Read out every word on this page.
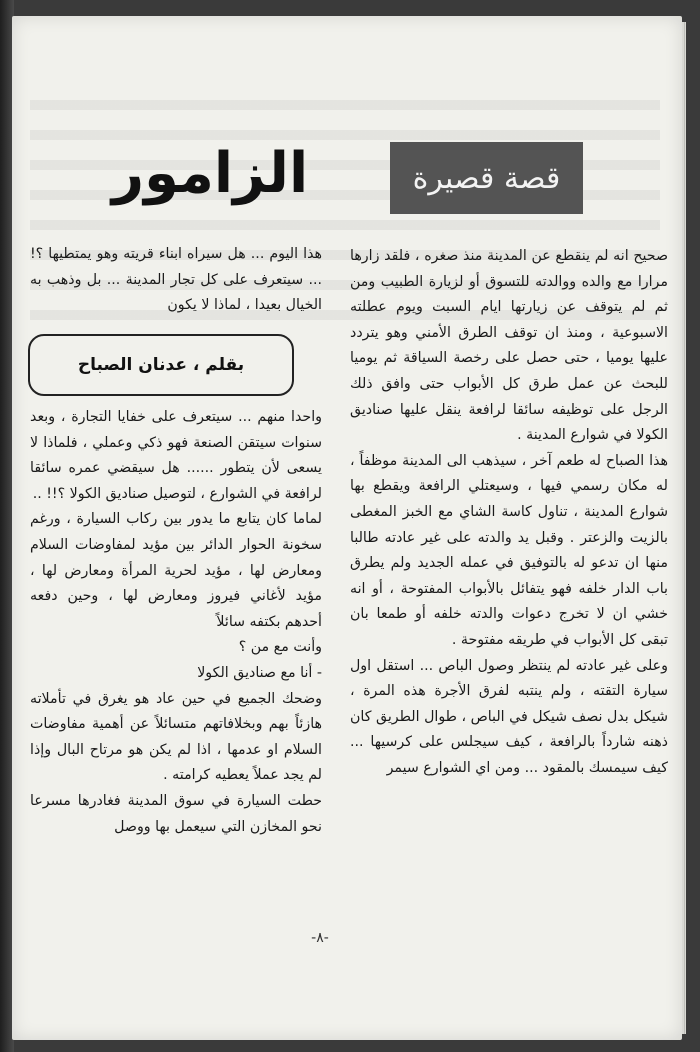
قصة قصيرة
الزامور

صحيح انه لم ينقطع عن المدينة منذ صغره ، فلقد زارها مرارا مع والده ووالدته للتسوق أو لزيارة الطبيب ومن ثم لم يتوقف عن زيارتها ايام السبت ويوم عطلته الاسبوعية ، ومنذ ان توقف الطرق الأمني وهو يتردد عليها يوميا ، حتى حصل على رخصة السياقة ثم يوميا للبحث عن عمل طرق كل الأبواب حتى وافق ذلك الرجل على توظيفه سائقا لرافعة ينقل عليها صناديق الكولا في شوارع المدينة .

هذا الصباح له طعم آخر ، سيذهب الى المدينة موظفاً ، له مكان رسمي فيها ، وسيعتلي الرافعة ويقطع بها شوارع المدينة ، تناول كاسة الشاي مع الخبز المغطى بالزيت والزعتر . وقبل يد والدته على غير عادته طالبا منها ان تدعو له بالتوفيق في عمله الجديد ولم يطرق باب الدار خلفه فهو يتفائل بالأبواب المفتوحة ، أو انه خشي ان لا تخرج دعوات والدته خلفه أو طمعا بان تبقى كل الأبواب في طريقه مفتوحة .

وعلى غير عادته لم ينتظر وصول الباص ... استقل اول سيارة التقته ، ولم ينتبه لفرق الأجرة هذه المرة ، شيكل بدل نصف شيكل في الباص ، طوال الطريق كان ذهنه شارداً بالرافعة ، كيف سيجلس على كرسيها ... كيف سيمسك بالمقود ... ومن اي الشوارع سيمر

هذا اليوم ... هل سيراه ابناء قريته وهو يمتطيها ؟! ... سيتعرف على كل تجار المدينة ... بل وذهب به الخيال بعيدا ، لماذا لا يكون

بقلم ، عدنان الصباح

واحدا منهم ... سيتعرف على خفايا التجارة ، وبعد سنوات سيتقن الصنعة فهو ذكي وعملي ، فلماذا لا يسعى لأن يتطور ...... هل سيقضي عمره سائقا لرافعة في الشوارع ، لتوصيل صناديق الكولا ؟!! ..

لماما كان يتابع ما يدور بين ركاب السيارة ، ورغم سخونة الحوار الدائر بين مؤيد لمفاوضات السلام ومعارض لها ، مؤيد لحرية المرأة ومعارض لها ، مؤيد لأغاني فيروز ومعارض لها ، وحين دفعه أحدهم بكتفه سائلاً

وأنت مع من ؟

- أنا مع صناديق الكولا

وضحك الجميع في حين عاد هو يغرق في تأملاته هازئاً بهم وبخلافاتهم متسائلاً عن أهمية مفاوضات السلام او عدمها ، اذا لم يكن هو مرتاح البال وإذا لم يجد عملاً يعطيه كرامته .

حطت السيارة في سوق المدينة فغادرها مسرعا نحو المخازن التي سيعمل بها ووصل

-٨-
